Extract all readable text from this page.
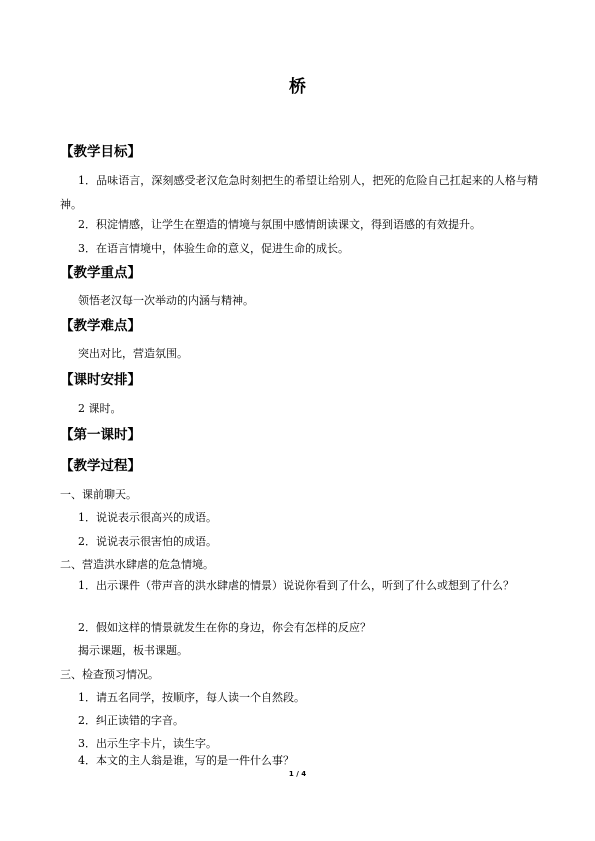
桥
【教学目标】
1．品味语言，深刻感受老汉危急时刻把生的希望让给别人，把死的危险自己扛起来的人格与精神。
2．积淀情感，让学生在塑造的情境与氛围中感情朗读课文，得到语感的有效提升。
3．在语言情境中，体验生命的意义，促进生命的成长。
【教学重点】
领悟老汉每一次举动的内涵与精神。
【教学难点】
突出对比，营造氛围。
【课时安排】
2 课时。
【第一课时】
【教学过程】
一、课前聊天。
1．说说表示很高兴的成语。
2．说说表示很害怕的成语。
二、营造洪水肆虐的危急情境。
1．出示课件（带声音的洪水肆虐的情景）说说你看到了什么，听到了什么或想到了什么？
2．假如这样的情景就发生在你的身边，你会有怎样的反应？
揭示课题，板书课题。
三、检查预习情况。
1．请五名同学，按顺序，每人读一个自然段。
2．纠正读错的字音。
3．出示生字卡片，读生字。
4．本文的主人翁是谁，写的是一件什么事？
1 / 4
